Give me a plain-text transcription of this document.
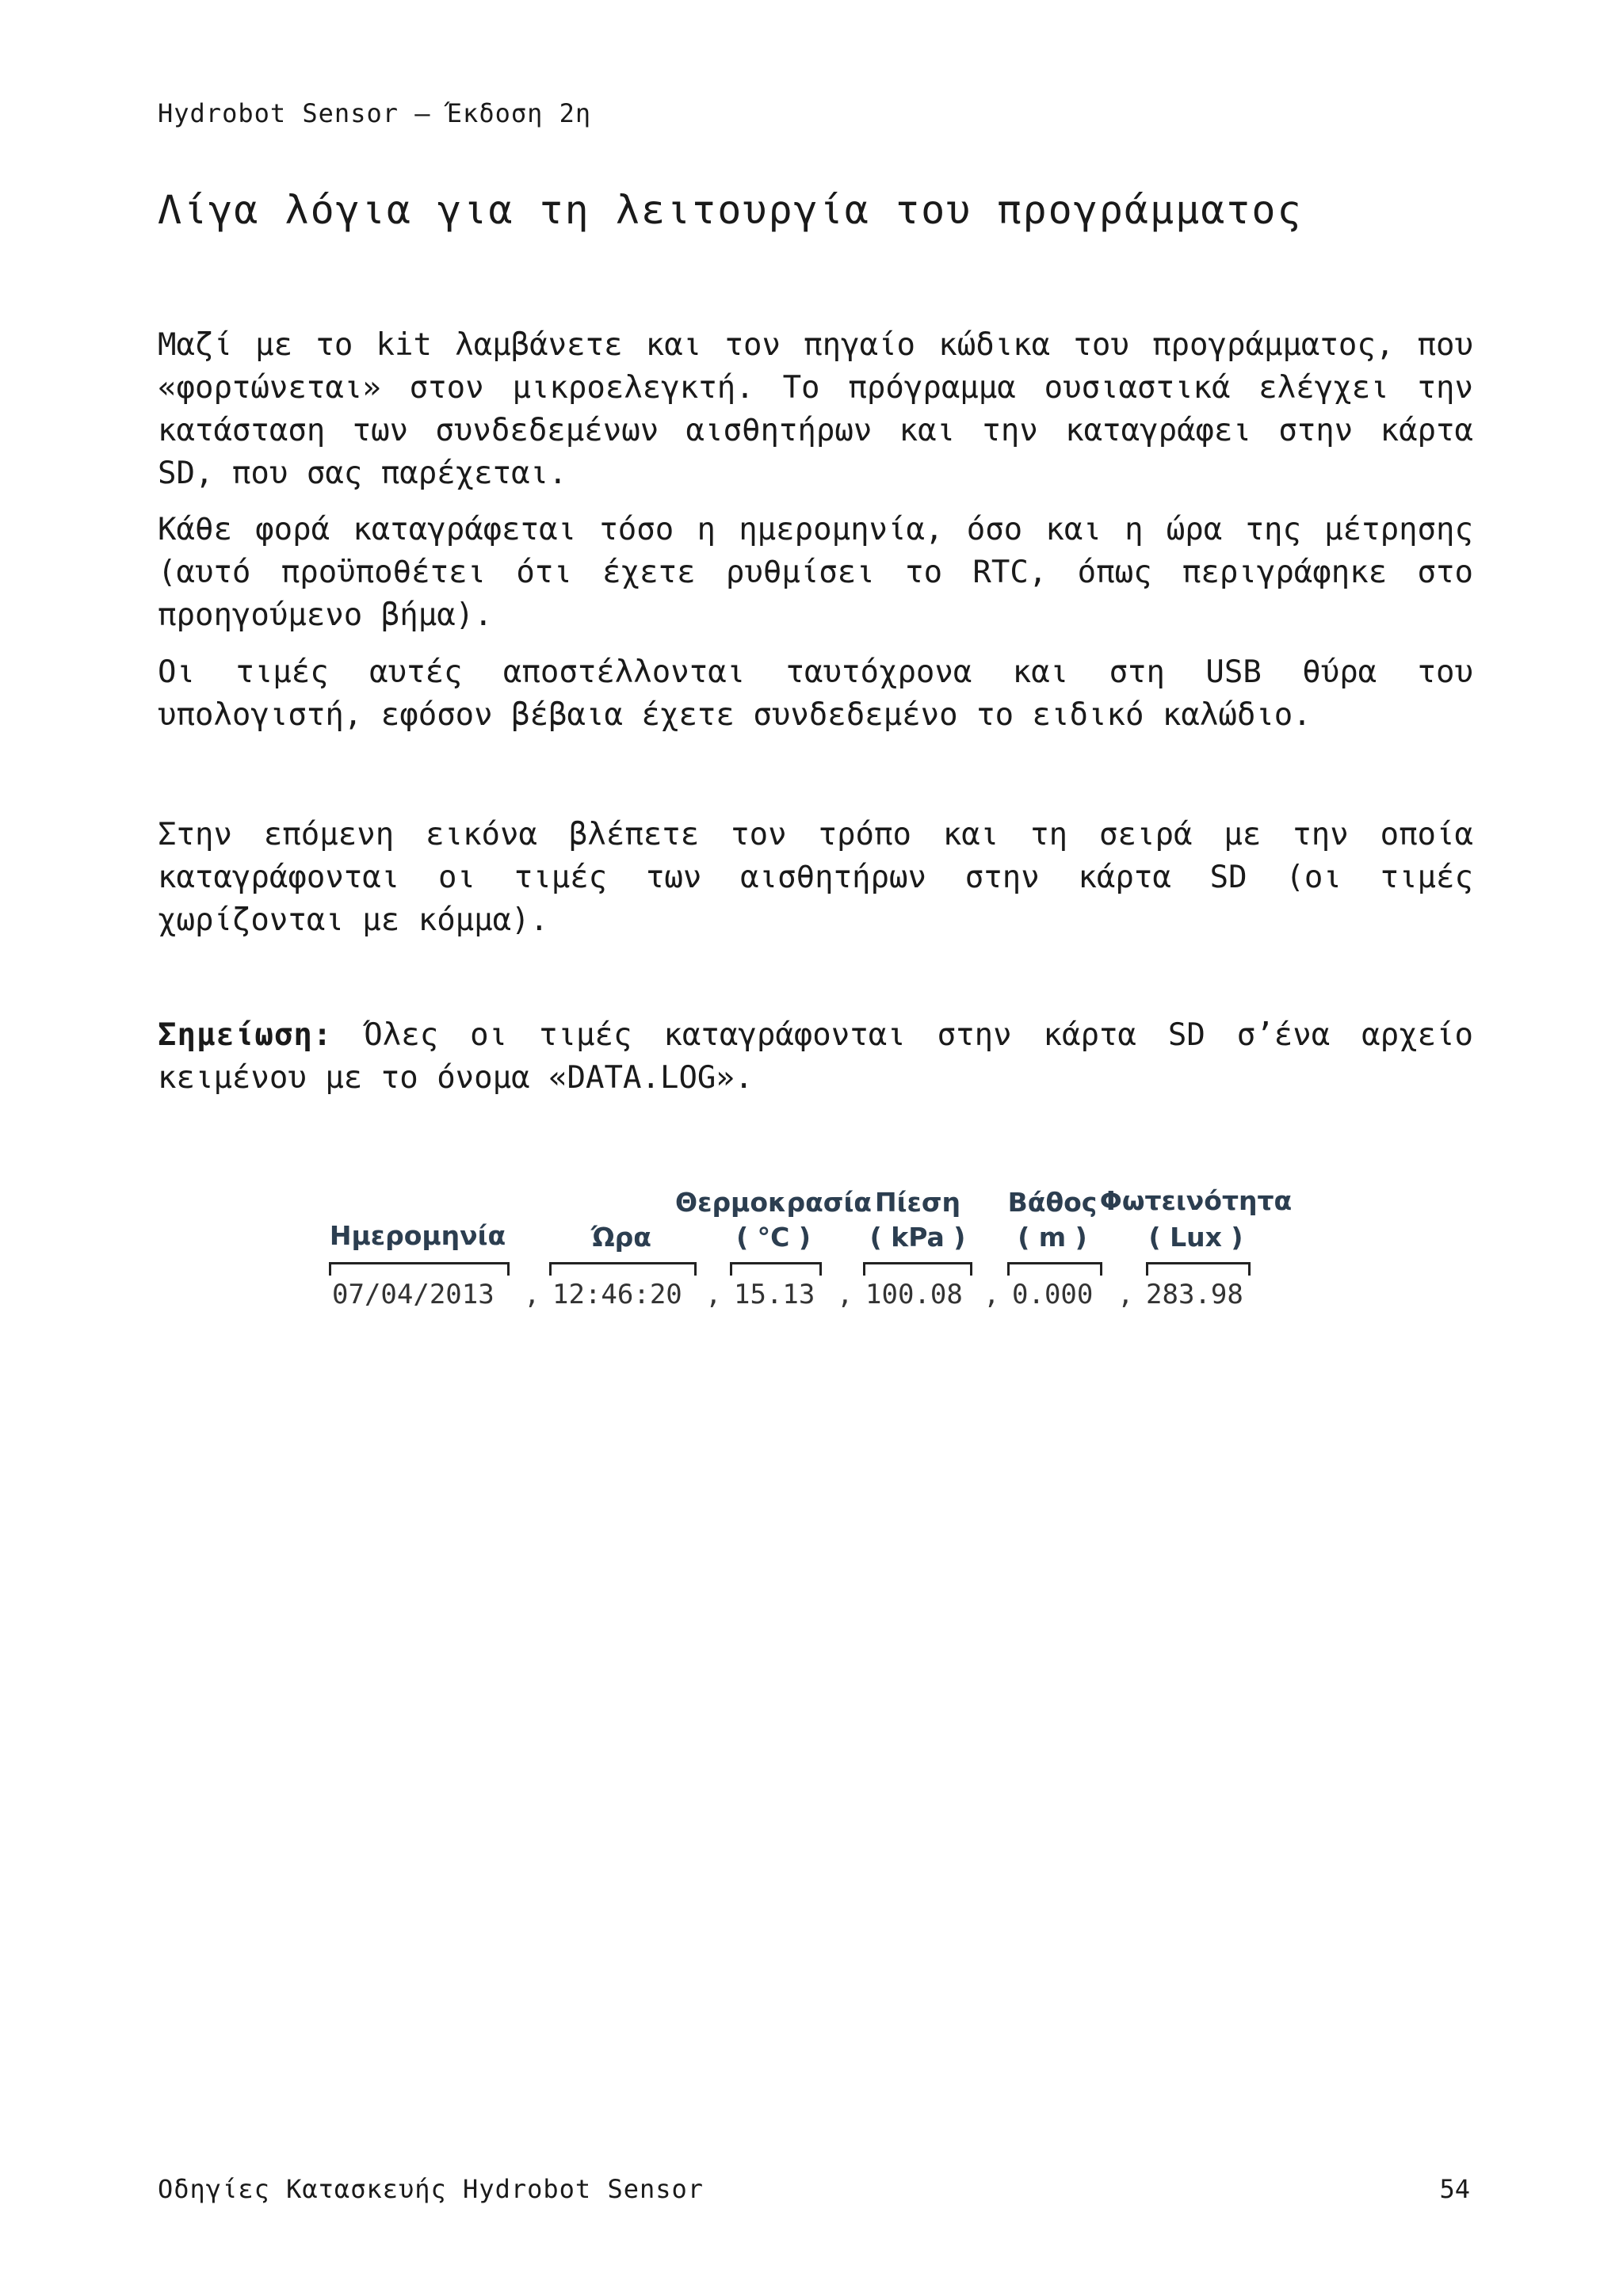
Hydrobot Sensor – Έκδοση 2η
Λίγα λόγια για τη λειτουργία του προγράμματος

Μαζί με το kit λαμβάνετε και τον πηγαίο κώδικα του προγράμματος, που «φορτώνεται» στον μικροελεγκτή. Το πρόγραμμα ουσιαστικά ελέγχει την κατάσταση των συνδεδεμένων αισθητήρων και την καταγράφει στην κάρτα SD, που σας παρέχεται.

Κάθε φορά καταγράφεται τόσο η ημερομηνία, όσο και η ώρα της μέτρησης (αυτό προϋποθέτει ότι έχετε ρυθμίσει το RTC, όπως περιγράφηκε στο προηγούμενο βήμα).

Οι τιμές αυτές αποστέλλονται ταυτόχρονα και στη USB θύρα του υπολογιστή, εφόσον βέβαια έχετε συνδεδεμένο το ειδικό καλώδιο.

Στην επόμενη εικόνα βλέπετε τον τρόπο και τη σειρά με την οποία καταγράφονται οι τιμές των αισθητήρων στην κάρτα SD (οι τιμές χωρίζονται με κόμμα).

Σημείωση: Όλες οι τιμές καταγράφονται στην κάρτα SD σ’ένα αρχείο κειμένου με το όνομα «DATA.LOG».

Ημερομηνία	Ώρα
Θερμοκρασία
( °C )
Πίεση
( kPa )
Βάθος
( m )
Φωτεινότητα
( Lux )
07/04/2013 , 12:46:20 , 15.13 , 100.08 , 0.000 , 283.98
Οδηγίες Κατασκευής Hydrobot Sensor	54
